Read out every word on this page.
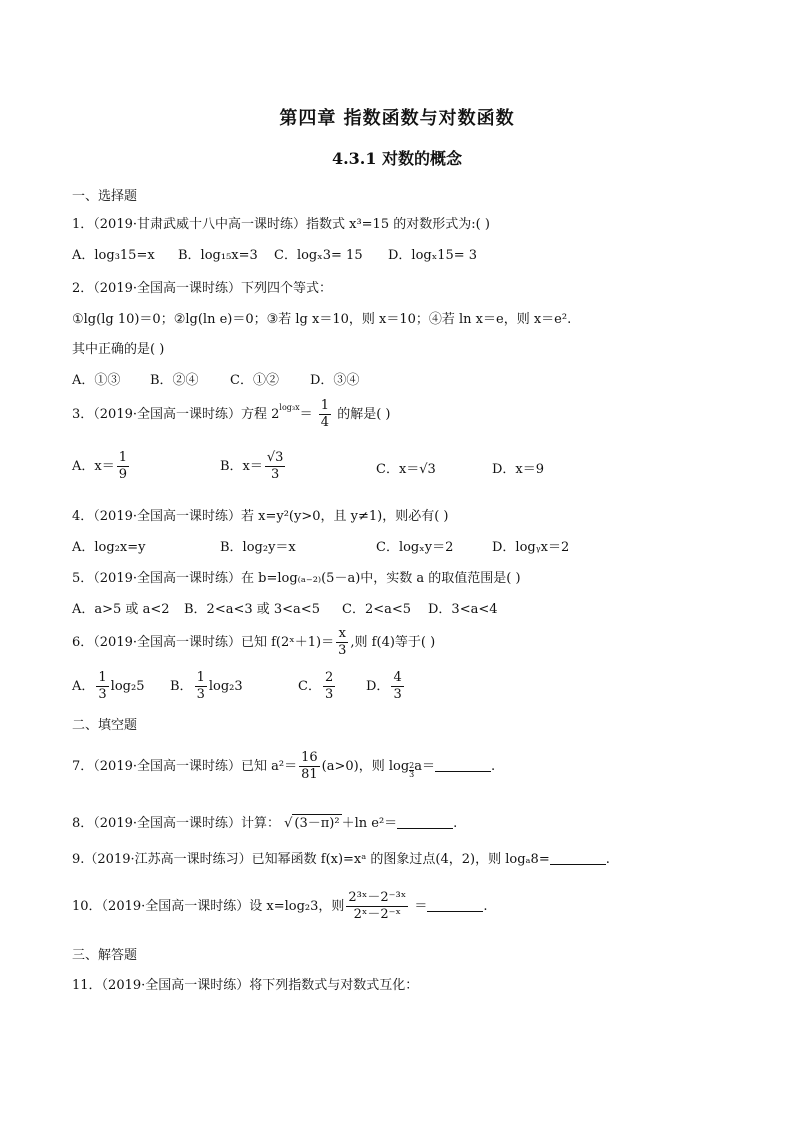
第四章 指数函数与对数函数
4.3.1 对数的概念
一、选择题
1．（2019·甘肃武威十八中高一课时练）指数式 x³=15 的对数形式为:( )
A．log₃15=x B．log₁₅x=3 C．logₓ3= 15 D．logₓ15= 3
2．（2019·全国高一课时练）下列四个等式：
①lg(lg 10)＝0；②lg(ln e)＝0；③若 lg x＝10，则 x＝10；④若 ln x＝e，则 x＝e².
其中正确的是( )
A．①③ B．②④ C．①② D．③④
3．（2019·全国高一课时练）方程 $2^{log_3x}= \frac{1}{4}$ 的解是( )
A．$x= \frac{1}{9}$	B．$x= \frac{√3}{3}$	C．x＝√3	D．x＝9
4．（2019·全国高一课时练）若 x=y²(y>0，且 y≠1)，则必有( )
A．log₂x=y	B．log₂y＝x	C．logₓy＝2	D．logᵧx＝2
5．（2019·全国高一课时练）在 b=log₍ₐ₋₂₎(5－a)中，实数 a 的取值范围是( )
A．a>5 或 a<2 B．2<a<3 或 3<a<5 C．2<a<5 D．3<a<4
6．（2019·全国高一课时练）已知 f(2ˣ＋1)＝ $\frac{x}{3}$ ,则 f(4)等于( )
A． $\frac{1}{3} \log_25$ B． $\frac{1}{3} \log_23$	C． $\frac{2}{3}$ D． $\frac{4}{3}$
二、填空题
7．（2019·全国高一课时练）已知 $a^2= \frac{16}{81} (a>0)$，则 $\log \frac{2}{3} a=$	.
8．（2019·全国高一课时练）计算： √ (3－π)² ＋ln e²＝	.
9.（2019·江苏高一课时练习）已知幂函数 f(x)=xᵃ 的图象过点(4，2)，则 logₐ8=	.
10．（2019·全国高一课时练）设 x=log₂3，则 $\frac{\text{2³ˣ－2⁻³ˣ}}{\text{2ˣ－2⁻ˣ}}$ ＝	.
三、解答题
11．（2019·全国高一课时练）将下列指数式与对数式互化：
